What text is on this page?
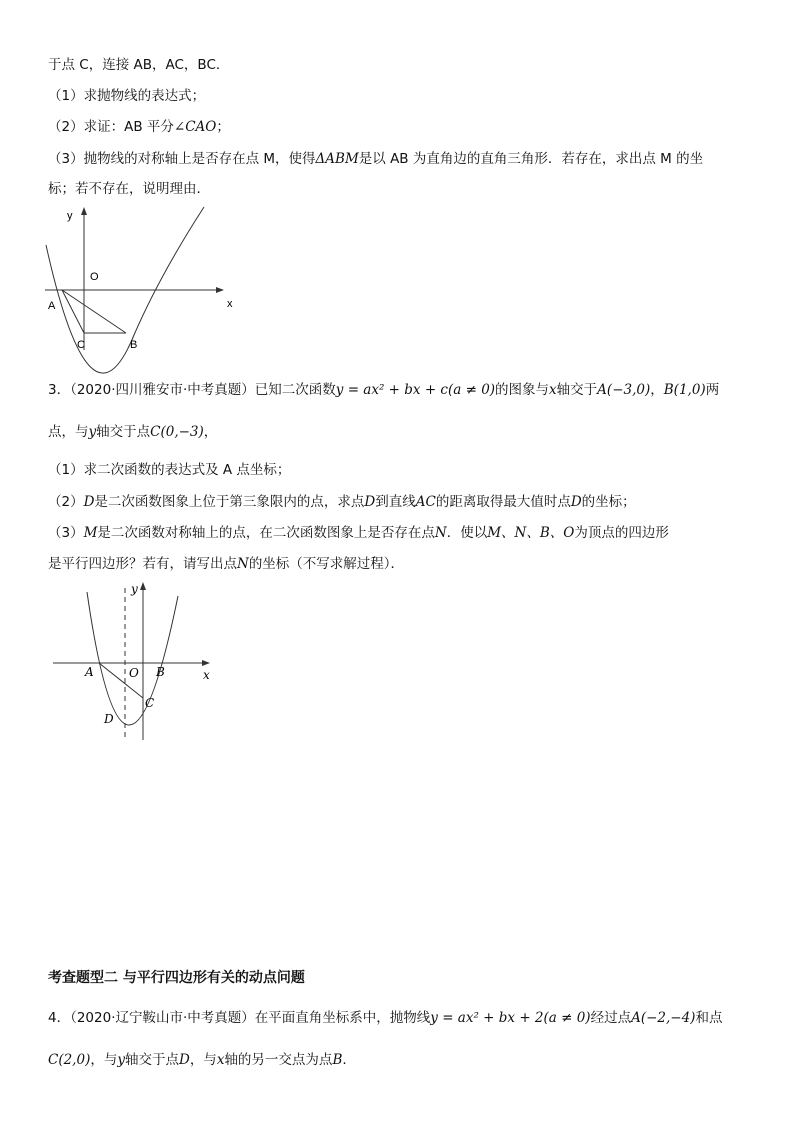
于点 C，连接 AB，AC，BC．
（1）求抛物线的表达式；
（2）求证：AB 平分∠CAO；
（3）抛物线的对称轴上是否存在点 M，使得ΔABM是以 AB 为直角边的直角三角形．若存在，求出点 M 的坐
标；若不存在，说明理由．
y
O
x
A
C	B
3．（2020·四川雅安市·中考真题）已知二次函数y = ax² + bx + c(a ≠ 0)的图象与x轴交于A(−3,0)，B(1,0)两
点，与y轴交于点C(0,−3)，
（1）求二次函数的表达式及 A 点坐标；
（2）D是二次函数图象上位于第三象限内的点，求点D到直线AC的距离取得最大值时点D的坐标；
（3）M是二次函数对称轴上的点，在二次函数图象上是否存在点N．使以M、N、B、O为顶点的四边形
是平行四边形？若有，请写出点N的坐标（不写求解过程）．
y
A	O B	x
C
D
考查题型二 与平行四边形有关的动点问题
4．（2020·辽宁鞍山市·中考真题）在平面直角坐标系中，抛物线y = ax² + bx + 2(a ≠ 0)经过点A(−2,−4)和点
C(2,0)，与y轴交于点D，与x轴的另一交点为点B.
